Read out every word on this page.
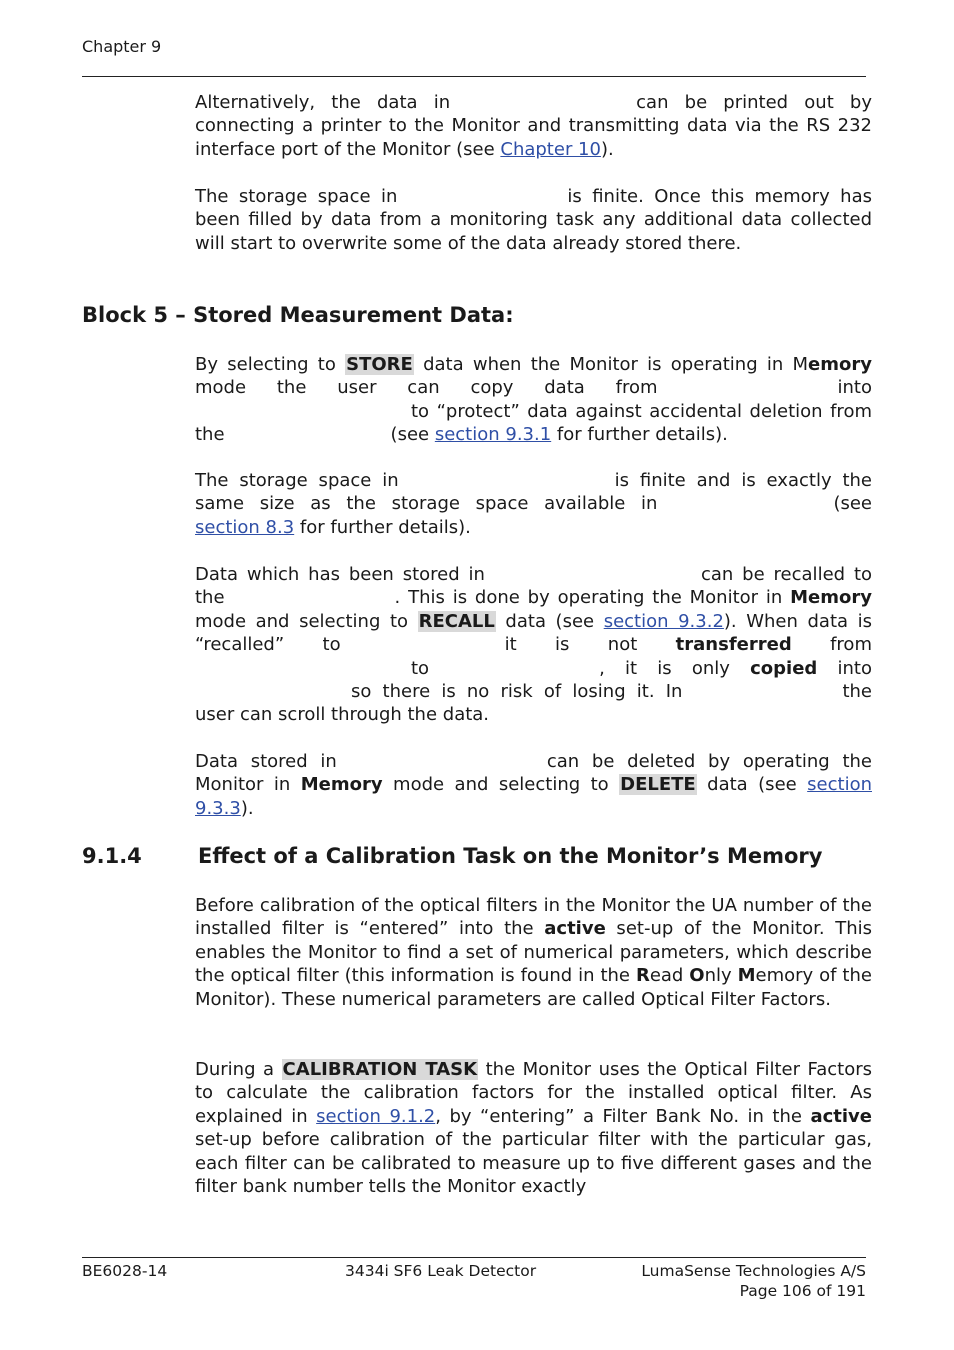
Chapter 9

Alternatively, the data in	can be printed out by connecting a printer to the Monitor and transmitting data via the RS 232 interface port of the Monitor (see Chapter 10).

The storage space in	is finite. Once this memory has been filled by data from a monitoring task any additional data collected will start to overwrite some of the data already stored there.

Block 5 – Stored Measurement Data:

By selecting to STORE data when the Monitor is operating in Memory mode the user can copy data from	intoto “protect” data against accidental deletion from the	(see section 9.3.1 for further details).

The storage space in	is finite and is exactly the same size as the storage space available in	(see section 8.3 for further details).

Data which has been stored in	can be recalled to the	. This is done by operating the Monitor in Memory mode and selecting to RECALL data (see section 9.3.2). When data is “recalled” to	it is not transferred fromto	, it is only copied intoso there is no risk of losing it. In	the user can scroll through the data.

Data stored in	can be deleted by operating the Monitor in Memory mode and selecting to DELETE data (see section 9.3.3).

9.1.4	Effect of a Calibration Task on the Monitor’s Memory

Before calibration of the optical filters in the Monitor the UA number of the installed filter is “entered” into the active set-up of the Monitor. This enables the Monitor to find a set of numerical parameters, which describe the optical filter (this information is found in the Read Only Memory of the Monitor). These numerical parameters are called Optical Filter Factors.

During a CALIBRATION TASK the Monitor uses the Optical Filter Factors to calculate the calibration factors for the installed optical filter. As explained in section 9.1.2, by “entering” a Filter Bank No. in the active set-up before calibration of the particular filter with the particular gas, each filter can be calibrated to measure up to five different gases and the filter bank number tells the Monitor exactly

BE6028-14	3434i SF6 Leak Detector	LumaSense Technologies A/S
Page 106 of 191
